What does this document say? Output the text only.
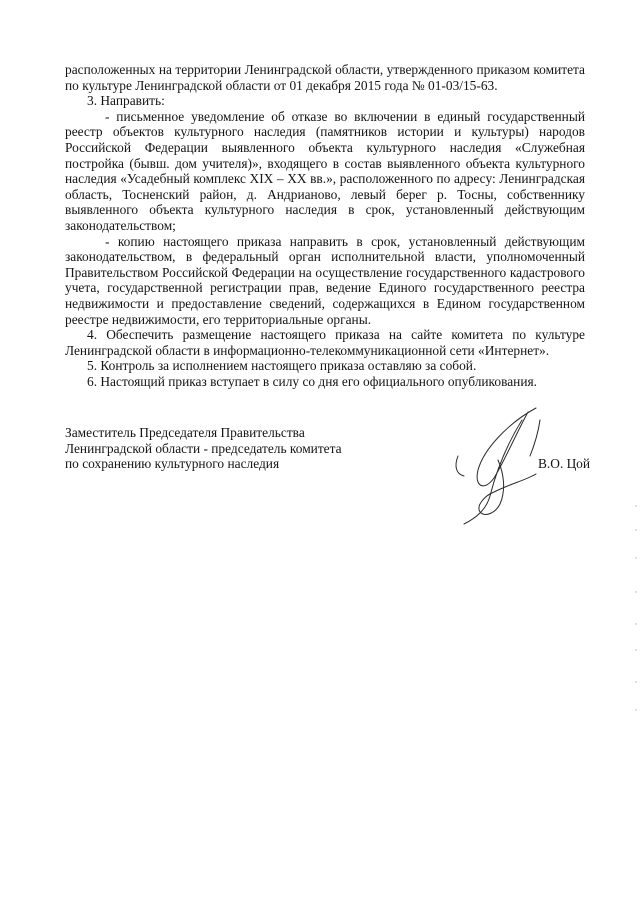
расположенных на территории Ленинградской области, утвержденного приказом комитета по культуре Ленинградской области от 01 декабря 2015 года № 01-03/15-63.

3. Направить:

- письменное уведомление об отказе во включении в единый государственный реестр объектов культурного наследия (памятников истории и культуры) народов Российской Федерации выявленного объекта культурного наследия «Служебная постройка (бывш. дом учителя)», входящего в состав выявленного объекта культурного наследия «Усадебный комплекс XIX – XX вв.», расположенного по адресу: Ленинградская область, Тосненский район, д. Андрианово, левый берег р. Тосны, собственнику выявленного объекта культурного наследия в срок, установленный действующим законодательством;

- копию настоящего приказа направить в срок, установленный действующим законодательством, в федеральный орган исполнительной власти, уполномоченный Правительством Российской Федерации на осуществление государственного кадастрового учета, государственной регистрации прав, ведение Единого государственного реестра недвижимости и предоставление сведений, содержащихся в Едином государственном реестре недвижимости, его территориальные органы.

4. Обеспечить размещение настоящего приказа на сайте комитета по культуре Ленинградской области в информационно-телекоммуникационной сети «Интернет».

5. Контроль за исполнением настоящего приказа оставляю за собой.

6. Настоящий приказ вступает в силу со дня его официального опубликования.

Заместитель Председателя Правительства
Ленинградской области - председатель комитета
по сохранению культурного наследия	В.О. Цой
